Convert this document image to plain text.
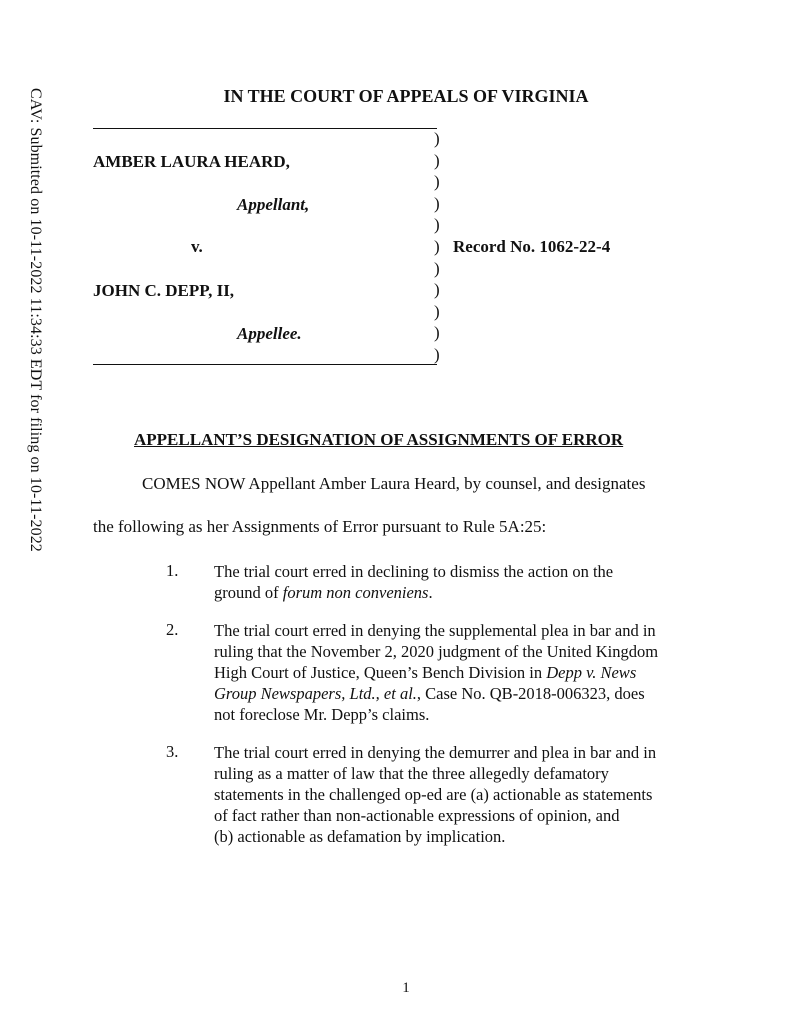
CAV: Submitted on 10-11-2022 11:34:33 EDT for filing on 10-11-2022	IN THE COURT OF APPEALS OF VIRGINIA
AMBER LAURA HEARD,
Appellant,
v.
JOHN C. DEPP, II,
Appellee.
)
)
)
)
)
)
)
)
)
)
)
Record No. 1062-22-4
APPELLANT’S DESIGNATION OF ASSIGNMENTS OF ERROR
COMES NOW Appellant Amber Laura Heard, by counsel, and designates
the following as her Assignments of Error pursuant to Rule 5A:25:
1. The trial court erred in declining to dismiss the action on the
ground of forum non conveniens.
2. The trial court erred in denying the supplemental plea in bar and in
ruling that the November 2, 2020 judgment of the United Kingdom
High Court of Justice, Queen’s Bench Division in Depp v. News
Group Newspapers, Ltd., et al., Case No. QB-2018-006323, does
not foreclose Mr. Depp’s claims.
3. The trial court erred in denying the demurrer and plea in bar and in
ruling as a matter of law that the three allegedly defamatory
statements in the challenged op-ed are (a) actionable as statements
of fact rather than non-actionable expressions of opinion, and
(b) actionable as defamation by implication.
1
